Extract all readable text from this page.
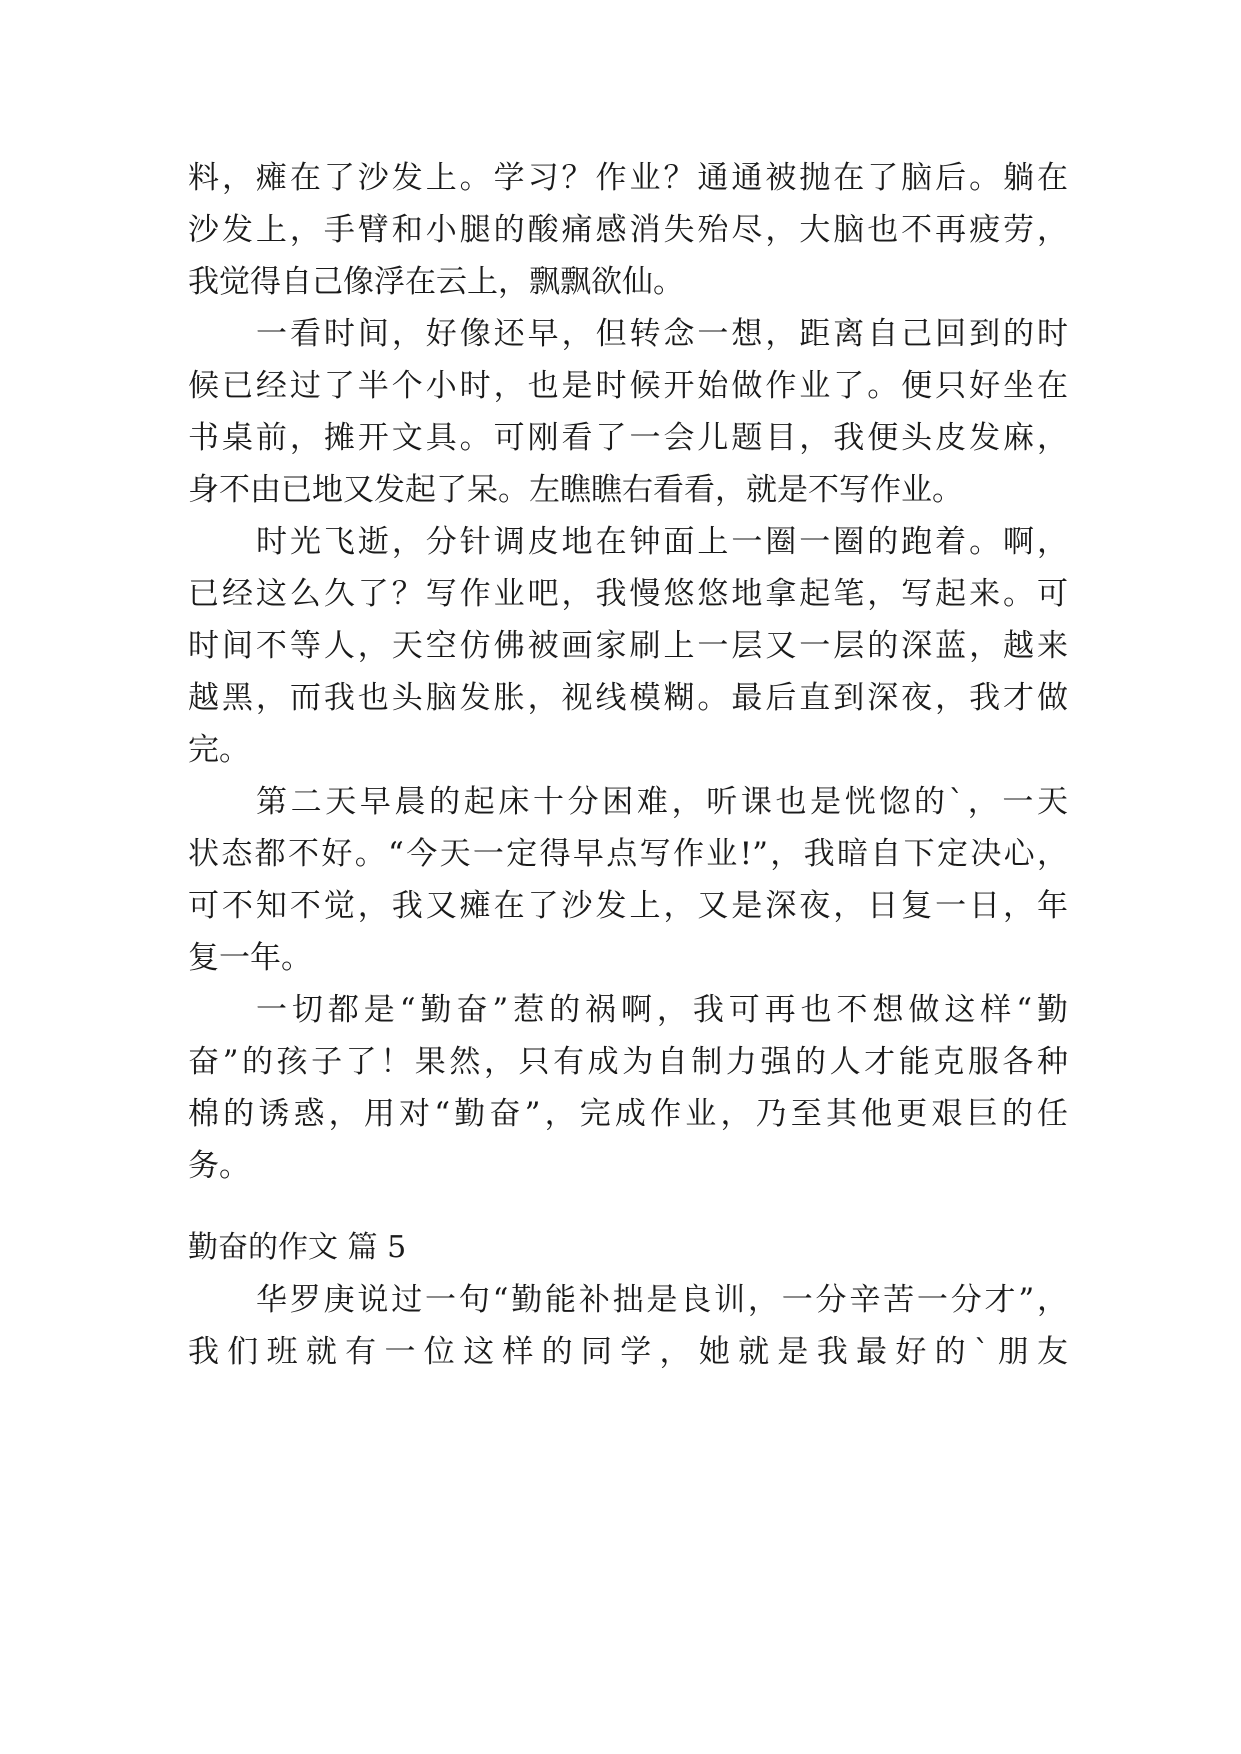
料，瘫在了沙发上。学习？作业？通通被抛在了脑后。躺在
沙发上，手臂和小腿的酸痛感消失殆尽，大脑也不再疲劳，
我觉得自己像浮在云上，飘飘欲仙。
一看时间，好像还早，但转念一想，距离自己回到的时
候已经过了半个小时，也是时候开始做作业了。便只好坐在
书桌前，摊开文具。可刚看了一会儿题目，我便头皮发麻，
身不由已地又发起了呆。左瞧瞧右看看，就是不写作业。
时光飞逝，分针调皮地在钟面上一圈一圈的跑着。啊，
已经这么久了？写作业吧，我慢悠悠地拿起笔，写起来。可
时间不等人，天空仿佛被画家刷上一层又一层的深蓝，越来
越黑，而我也头脑发胀，视线模糊。最后直到深夜，我才做
完。
第二天早晨的起床十分困难，听课也是恍惚的`，一天
状态都不好。“今天一定得早点写作业!”，我暗自下定决心，
可不知不觉，我又瘫在了沙发上，又是深夜，日复一日，年
复一年。
一切都是“勤奋”惹的祸啊，我可再也不想做这样“勤
奋”的孩子了！果然，只有成为自制力强的人才能克服各种
棉的诱惑，用对“勤奋”，完成作业，乃至其他更艰巨的任
务。
勤奋的作文 篇 5
华罗庚说过一句“勤能补拙是良训，一分辛苦一分才”，
我们班就有一位这样的同学，她就是我最好的`朋友
